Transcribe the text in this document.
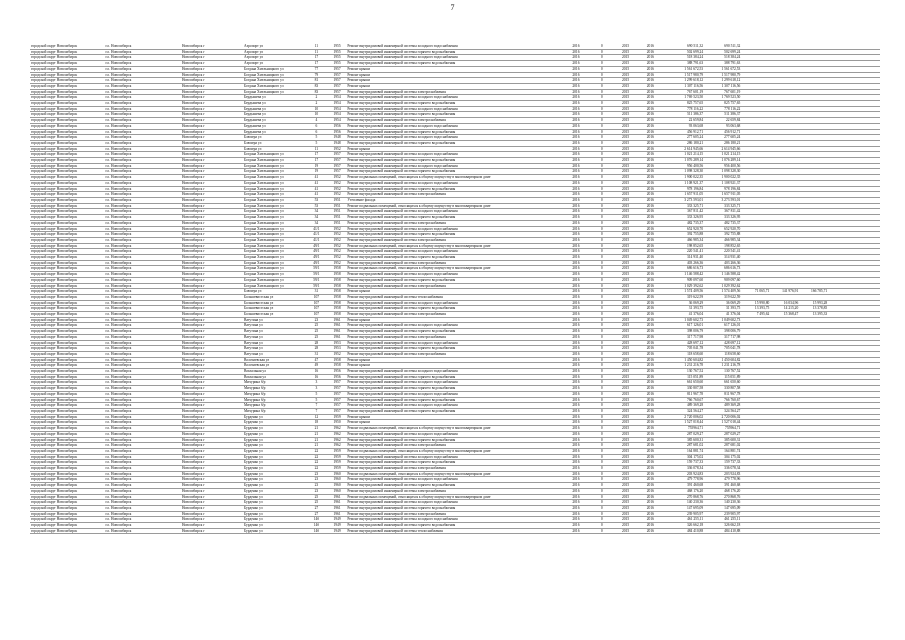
7
городской округ Новосибирск	г.о. Новосибирск	Новосибирск г	Аэропорт ул	11	1955	Ремонт внутридомовой инженерной системы холодного водоснабжения	2016	0	2015	2016	690 511,32	690 511,32					
городской округ Новосибирск	г.о. Новосибирск	Новосибирск г	Аэропорт ул	11	1955	Ремонт внутридомовой инженерной системы горячего водоснабжения	2016	0	2015	2016	502 699,24	502 699,24					
городской округ Новосибирск	г.о. Новосибирск	Новосибирск г	Аэропорт ул	17	1955	Ремонт внутридомовой инженерной системы холодного водоснабжения	2016	0	2015	2016	518 384,24	518 384,24					
городской округ Новосибирск	г.о. Новосибирск	Новосибирск г	Аэропорт ул	17	1955	Ремонт внутридомовой инженерной системы горячего водоснабжения	2016	0	2015	2016	388 791,63	388 791,63					
городской округ Новосибирск	г.о. Новосибирск	Новосибирск г	Богдана Хмельницкого ул	77	1957	Ремонт крыши	2016	0	2015	2016	1 561 672,53	1 561 672,53					
городской округ Новосибирск	г.о. Новосибирск	Новосибирск г	Богдана Хмельницкого ул	79	1957	Ремонт крыши	2016	0	2015	2016	1 517 980,79	1 517 980,79					
городской округ Новосибирск	г.о. Новосибирск	Новосибирск г	Богдана Хмельницкого ул	81	1957	Ремонт крыши	2016	0	2015	2016	1 299 618,12	1 299 618,12					
городской округ Новосибирск	г.о. Новосибирск	Новосибирск г	Богдана Хмельницкого ул	83	1957	Ремонт крыши	2016	0	2015	2016	1 307 116,56	1 307 116,56					
городской округ Новосибирск	г.о. Новосибирск	Новосибирск г	Богдана Хмельницкого ул	83	1957	Ремонт внутридомовой инженерной системы электроснабжения	2016	0	2015	2016	767 601,19	767 601,19					
городской округ Новосибирск	г.о. Новосибирск	Новосибирск г	Бердышева ул	2	1954	Ремонт внутридомовой инженерной системы холодного водоснабжения	2016	0	2015	2016	1 769 523,50	1 769 523,50					
городской округ Новосибирск	г.о. Новосибирск	Новосибирск г	Бердышева ул	2	1954	Ремонт внутридомовой инженерной системы горячего водоснабжения	2016	0	2015	2016	825 757,65	825 757,65					
городской округ Новосибирск	г.о. Новосибирск	Новосибирск г	Бердышева ул	10	1954	Ремонт внутридомовой инженерной системы холодного водоснабжения	2016	0	2015	2016	778 116,22	778 116,22					
городской округ Новосибирск	г.о. Новосибирск	Новосибирск г	Бердышева ул	10	1954	Ремонт внутридомовой инженерной системы горячего водоснабжения	2016	0	2015	2016	511 386,37	511 386,37					
городской округ Новосибирск	г.о. Новосибирск	Новосибирск г	Бердышева ул	4	1954	Ремонт внутридомовой инженерной системы электроснабжения	2016	0	2015	2016	22 659,84	22 659,84					
городской округ Новосибирск	г.о. Новосибирск	Новосибирск г	Бердышева ул	6	1956	Ремонт внутридомовой инженерной системы холодного водоснабжения	2016	0	2015	2016	93 063,68	93 063,68					
городской округ Новосибирск	г.о. Новосибирск	Новосибирск г	Бердышева ул	6	1956	Ремонт внутридомовой инженерной системы горячего водоснабжения	2016	0	2015	2016	456 912,71	456 912,71					
городской округ Новосибирск	г.о. Новосибирск	Новосибирск г	Блюхера ул	5	1948	Ремонт внутридомовой инженерной системы холодного водоснабжения	2016	0	2015	2016	277 605,24	277 605,24					
городской округ Новосибирск	г.о. Новосибирск	Новосибирск г	Блюхера ул	5	1948	Ремонт внутридомовой инженерной системы горячего водоснабжения	2016	0	2015	2016	286 180,21	286 180,21					
городской округ Новосибирск	г.о. Новосибирск	Новосибирск г	Блюхера ул	11	1952	Ремонт крыши	2016	0	2015	2016	2 614 945,66	2 614 945,66					
городской округ Новосибирск	г.о. Новосибирск	Новосибирск г	Богдана Хмельницкого ул	17	1957	Ремонт внутридомовой инженерной системы холодного водоснабжения	2016	0	2015	2016	1 021 214,15	1 021 214,15					
городской округ Новосибирск	г.о. Новосибирск	Новосибирск г	Богдана Хмельницкого ул	17	1957	Ремонт внутридомовой инженерной системы горячего водоснабжения	2016	0	2015	2016	1 076 289,14	1 076 289,14					
городской округ Новосибирск	г.о. Новосибирск	Новосибирск г	Богдана Хмельницкого ул	19	1957	Ремонт внутридомовой инженерной системы холодного водоснабжения	2016	0	2015	2016	956 400,56	956 400,56					
городской округ Новосибирск	г.о. Новосибирск	Новосибирск г	Богдана Хмельницкого ул	19	1957	Ремонт внутридомовой инженерной системы горячего водоснабжения	2016	0	2015	2016	1 098 328,30	1 098 328,30					
городской округ Новосибирск	г.о. Новосибирск	Новосибирск г	Богдана Хмельницкого ул	41	1952	Ремонт подвальных помещений, относящихся к общему имуществу в многоквартирном доме	2016	0	2015	2016	1 900 022,35	1 900 022,35					
городской округ Новосибирск	г.о. Новосибирск	Новосибирск г	Богдана Хмельницкого ул	41	1952	Ремонт внутридомовой инженерной системы холодного водоснабжения	2016	0	2015	2016	1 108 921,37	1 108 921,37					
городской округ Новосибирск	г.о. Новосибирск	Новосибирск г	Богдана Хмельницкого ул	41	1952	Ремонт внутридомовой инженерной системы горячего водоснабжения	2016	0	2015	2016	978 196,84	978 196,84					
городской округ Новосибирск	г.о. Новосибирск	Новосибирск г	Богдана Хмельницкого ул	41	1952	Ремонт внутридомовой инженерной системы электроснабжения	2016	0	2015	2016	1 657 911,05	1 657 911,05					
городской округ Новосибирск	г.о. Новосибирск	Новосибирск г	Богдана Хмельницкого ул	53	1951	Утепление фасада	2016	0	2015	2016	3 273 593,01	3 273 593,01					
городской округ Новосибирск	г.о. Новосибирск	Новосибирск г	Богдана Хмельницкого ул	53	1951	Ремонт подвальных помещений, относящихся к общему имуществу в многоквартирном доме	2016	0	2015	2016	333 325,71	333 325,71					
городской округ Новосибирск	г.о. Новосибирск	Новосибирск г	Богдана Хмельницкого ул	34	1951	Ремонт внутридомовой инженерной системы холодного водоснабжения	2016	0	2015	2016	367 811,42	367 811,42					
городской округ Новосибирск	г.о. Новосибирск	Новосибирск г	Богдана Хмельницкого ул	34	1951	Ремонт внутридомовой инженерной системы горячего водоснабжения	2016	0	2015	2016	333 326,95	333 326,95					
городской округ Новосибирск	г.о. Новосибирск	Новосибирск г	Богдана Хмельницкого ул	34	1951	Ремонт внутридомовой инженерной системы электроснабжения	2016	0	2015	2016	482 735,37	482 735,37					
городской округ Новосибирск	г.о. Новосибирск	Новосибирск г	Богдана Хмельницкого ул	41/1	1952	Ремонт внутридомовой инженерной системы холодного водоснабжения	2016	0	2015	2016	652 920,70	652 920,70					
городской округ Новосибирск	г.о. Новосибирск	Новосибирск г	Богдана Хмельницкого ул	41/1	1952	Ремонт внутридомовой инженерной системы горячего водоснабжения	2016	0	2015	2016	392 755,88	392 755,88					
городской округ Новосибирск	г.о. Новосибирск	Новосибирск г	Богдана Хмельницкого ул	41/1	1952	Ремонт внутридомовой инженерной системы электроснабжения	2016	0	2015	2016	466 985,34	466 985,34					
городской округ Новосибирск	г.о. Новосибирск	Новосибирск г	Богдана Хмельницкого ул	49/1	1952	Ремонт подвальных помещений, относящихся к общему имуществу в многоквартирном доме	2016	0	2015	2016	198 852,65	198 852,65					
городской округ Новосибирск	г.о. Новосибирск	Новосибирск г	Богдана Хмельницкого ул	49/1	1952	Ремонт внутридомовой инженерной системы холодного водоснабжения	2016	0	2015	2016	220 541,41	220 541,41					
городской округ Новосибирск	г.о. Новосибирск	Новосибирск г	Богдана Хмельницкого ул	49/1	1952	Ремонт внутридомовой инженерной системы горячего водоснабжения	2016	0	2015	2016	314 931,40	314 931,40					
городской округ Новосибирск	г.о. Новосибирск	Новосибирск г	Богдана Хмельницкого ул	49/1	1952	Ремонт внутридомовой инженерной системы электроснабжения	2016	0	2015	2016	403 266,36	403 266,36					
городской округ Новосибирск	г.о. Новосибирск	Новосибирск г	Богдана Хмельницкого ул	59/1	1958	Ремонт подвальных помещений, относящихся к общему имуществу в многоквартирном доме	2016	0	2015	2016	686 616,73	686 616,73					
городской округ Новосибирск	г.о. Новосибирск	Новосибирск г	Богдана Хмельницкого ул	59/1	1958	Ремонт внутридомовой инженерной системы холодного водоснабжения	2016	0	2015	2016	1 146 588,42	1 146 588,42					
городской округ Новосибирск	г.о. Новосибирск	Новосибирск г	Богдана Хмельницкого ул	59/1	1958	Ремонт внутридомовой инженерной системы горячего водоснабжения	2016	0	2015	2016	909 097,60	909 097,60					
городской округ Новосибирск	г.о. Новосибирск	Новосибирск г	Богдана Хмельницкого ул	59/1	1958	Ремонт внутридомовой инженерной системы электроснабжения	2016	0	2015	2016	1 029 392,62	1 029 392,62					
городской округ Новосибирск	г.о. Новосибирск	Новосибирск г	Блюхера ул	31	1958	Ремонт крыши	2016	0	2015	2016	1 574 409,56	1 574 409,56	71 065,71	141 976,91	166 785,71		
городской округ Новосибирск	г.о. Новосибирск	Новосибирск г	Большевистская ул	107	1958	Ремонт внутридомовой инженерной системы теплоснабжения	2016	0	2015	2016	319 622,59	319 622,59					
городской округ Новосибирск	г.о. Новосибирск	Новосибирск г	Большевистская ул	107	1958	Ремонт внутридомовой инженерной системы холодного водоснабжения	2016	0	2015	2016	36 069,29	36 069,29	15 990,80	16 034,96	15 993,28		
городской округ Новосибирск	г.о. Новосибирск	Новосибирск г	Большевистская ул	107	1958	Ремонт внутридомовой инженерной системы горячего водоснабжения	2016	0	2015	2016	31 393,75	31 393,75	13 393,75	14 215,20	13 378,85		
городской округ Новосибирск	г.о. Новосибирск	Новосибирск г	Большевистская ул	107	1958	Ремонт внутридомовой инженерной системы электроснабжения	2016	0	2015	2016	41 376,04	41 376,04	7 495,62	15 368,47	13 395,33		
городской округ Новосибирск	г.о. Новосибирск	Новосибирск г	Ватутина ул	23	1961	Ремонт крыши	2016	0	2015	2016	1 049 602,73	1 049 602,73					
городской округ Новосибирск	г.о. Новосибирск	Новосибирск г	Ватутина ул	25	1961	Ремонт внутридомовой инженерной системы холодного водоснабжения	2016	0	2015	2016	617 126,01	617 126,01					
городской округ Новосибирск	г.о. Новосибирск	Новосибирск г	Ватутина ул	25	1961	Ремонт внутридомовой инженерной системы горячего водоснабжения	2016	0	2015	2016	398 006,79	398 006,79					
городской округ Новосибирск	г.о. Новосибирск	Новосибирск г	Ватутина ул	25	1961	Ремонт внутридомовой инженерной системы электроснабжения	2016	0	2015	2016	317 717,98	317 717,98					
городской округ Новосибирск	г.о. Новосибирск	Новосибирск г	Ватутина ул	28	1953	Ремонт внутридомовой инженерной системы холодного водоснабжения	2016	0	2015	2016	428 697,12	428 697,12					
городской округ Новосибирск	г.о. Новосибирск	Новосибирск г	Ватутина ул	28	1953	Ремонт внутридомовой инженерной системы горячего водоснабжения	2016	0	2015	2016	705 041,78	705 041,78					
городской округ Новосибирск	г.о. Новосибирск	Новосибирск г	Ватутина ул	31	1952	Ремонт внутридомовой инженерной системы электроснабжения	2016	0	2015	2016	118 658,60	118 658,60					
городской округ Новосибирск	г.о. Новосибирск	Новосибирск г	Волочаевская ул	47	1958	Ремонт крыши	2016	0	2015	2016	1 450 604,82	1 450 604,82					
городской округ Новосибирск	г.о. Новосибирск	Новосибирск г	Волочаевская ул	49	1958	Ремонт крыши	2016	0	2015	2016	1 231 216,78	1 231 216,78					
городской округ Новосибирск	г.о. Новосибирск	Новосибирск г	Вокзальная ул	16	1956	Ремонт внутридомовой инженерной системы холодного водоснабжения	2016	0	2015	2016	130 767,52	130 767,52					
городской округ Новосибирск	г.о. Новосибирск	Новосибирск г	Вокзальная ул	16	1956	Ремонт внутридомовой инженерной системы горячего водоснабжения	2016	0	2015	2016	115 051,89	115 051,89					
городской округ Новосибирск	г.о. Новосибирск	Новосибирск г	Мичурина б/р	3	1957	Ремонт внутридомовой инженерной системы холодного водоснабжения	2016	0	2015	2016	661 650,60	661 650,60					
городской округ Новосибирск	г.о. Новосибирск	Новосибирск г	Мичурина б/р	3	1957	Ремонт внутридомовой инженерной системы горячего водоснабжения	2016	0	2015	2016	330 807,58	330 807,58					
городской округ Новосибирск	г.о. Новосибирск	Новосибирск г	Мичурина б/р	5	1957	Ремонт внутридомовой инженерной системы холодного водоснабжения	2016	0	2015	2016	811 967,78	811 967,78					
городской округ Новосибирск	г.о. Новосибирск	Новосибирск г	Мичурина б/р	5	1957	Ремонт внутридомовой инженерной системы горячего водоснабжения	2016	0	2015	2016	766 760,67	766 760,67					
городской округ Новосибирск	г.о. Новосибирск	Новосибирск г	Мичурина б/р	7	1957	Ремонт внутридомовой инженерной системы холодного водоснабжения	2016	0	2015	2016	489 369,28	489 369,28					
городской округ Новосибирск	г.о. Новосибирск	Новосибирск г	Мичурина б/р	7	1957	Ремонт внутридомовой инженерной системы горячего водоснабжения	2016	0	2015	2016	324 564,27	324 564,27					
городской округ Новосибирск	г.о. Новосибирск	Новосибирск г	Бурденко ул	12	1959	Ремонт крыши	2016	0	2015	2016	2 720 006,02	2 720 006,02					
городской округ Новосибирск	г.о. Новосибирск	Новосибирск г	Бурденко ул	18	1950	Ремонт крыши	2016	0	2015	2016	1 527 018,44	1 527 018,44					
городской округ Новосибирск	г.о. Новосибирск	Новосибирск г	Бурденко ул	21	1962	Ремонт подвальных помещений, относящихся к общему имуществу в многоквартирном доме	2016	0	2015	2016	755964,71	755964,71					
городской округ Новосибирск	г.о. Новосибирск	Новосибирск г	Бурденко ул	21	1962	Ремонт внутридомовой инженерной системы холодного водоснабжения	2016	0	2015	2016	287 029,27	287 029,27					
городской округ Новосибирск	г.о. Новосибирск	Новосибирск г	Бурденко ул	21	1962	Ремонт внутридомовой инженерной системы горячего водоснабжения	2016	0	2015	2016	385 600,31	385 600,31					
городской округ Новосибирск	г.о. Новосибирск	Новосибирск г	Бурденко ул	21	1962	Ремонт внутридомовой инженерной системы электроснабжения	2016	0	2015	2016	287 681,02	287 681,02					
городской округ Новосибирск	г.о. Новосибирск	Новосибирск г	Бурденко ул	22	1959	Ремонт подвальных помещений, относящихся к общему имуществу в многоквартирном доме	2016	0	2015	2016	164 881,74	164 881,74					
городской округ Новосибирск	г.о. Новосибирск	Новосибирск г	Бурденко ул	22	1959	Ремонт внутридомовой инженерной системы холодного водоснабжения	2016	0	2015	2016	304 175,02	304 175,02					
городской округ Новосибирск	г.о. Новосибирск	Новосибирск г	Бурденко ул	22	1959	Ремонт внутридомовой инженерной системы горячего водоснабжения	2016	0	2015	2016	159 737,33	159 737,33					
городской округ Новосибирск	г.о. Новосибирск	Новосибирск г	Бурденко ул	22	1959	Ремонт внутридомовой инженерной системы электроснабжения	2016	0	2015	2016	336 078,34	336 078,34					
городской округ Новосибирск	г.о. Новосибирск	Новосибирск г	Бурденко ул	23	1960	Ремонт подвальных помещений, относящихся к общему имуществу в многоквартирном доме	2016	0	2015	2016	203 924,83	203 924,83					
городской округ Новосибирск	г.о. Новосибирск	Новосибирск г	Бурденко ул	23	1960	Ремонт внутридомовой инженерной системы холодного водоснабжения	2016	0	2015	2016	479 778,96	479 778,96					
городской округ Новосибирск	г.о. Новосибирск	Новосибирск г	Бурденко ул	23	1960	Ремонт внутридомовой инженерной системы горячего водоснабжения	2016	0	2015	2016	391 460,68	391 460,68					
городской округ Новосибирск	г.о. Новосибирск	Новосибирск г	Бурденко ул	23	1960	Ремонт внутридомовой инженерной системы электроснабжения	2016	0	2015	2016	468 176,20	468 176,20					
городской округ Новосибирск	г.о. Новосибирск	Новосибирск г	Бурденко ул	25	1961	Ремонт подвальных помещений, относящихся к общему имуществу в многоквартирном доме	2016	0	2015	2016	270 868,76	270 868,76					
городской округ Новосибирск	г.о. Новосибирск	Новосибирск г	Бурденко ул	25	1961	Ремонт внутридомовой инженерной системы холодного водоснабжения	2016	0	2015	2016	140 230,36	140 230,36					
городской округ Новосибирск	г.о. Новосибирск	Новосибирск г	Бурденко ул	27	1961	Ремонт внутридомовой инженерной системы горячего водоснабжения	2016	0	2015	2016	147 695,09	147 695,09					
городской округ Новосибирск	г.о. Новосибирск	Новосибирск г	Бурденко ул	27	1961	Ремонт внутридомовой инженерной системы электроснабжения	2016	0	2015	2016	239 905,97	239 905,97					
городской округ Новосибирск	г.о. Новосибирск	Новосибирск г	Бурденко ул	14б	1949	Ремонт внутридомовой инженерной системы холодного водоснабжения	2016	0	2015	2016	461 255,11	461 255,11					
городской округ Новосибирск	г.о. Новосибирск	Новосибирск г	Бурденко ул	14б	1949	Ремонт внутридомовой инженерной системы горячего водоснабжения	2016	0	2015	2016	326 662,18	326 662,18					
городской округ Новосибирск	г.о. Новосибирск	Новосибирск г	Бурденко ул	14б	1949	Ремонт внутридомовой инженерной системы теплоснабжения	2016	0	2015	2016	484 410,88	484 410,88					
